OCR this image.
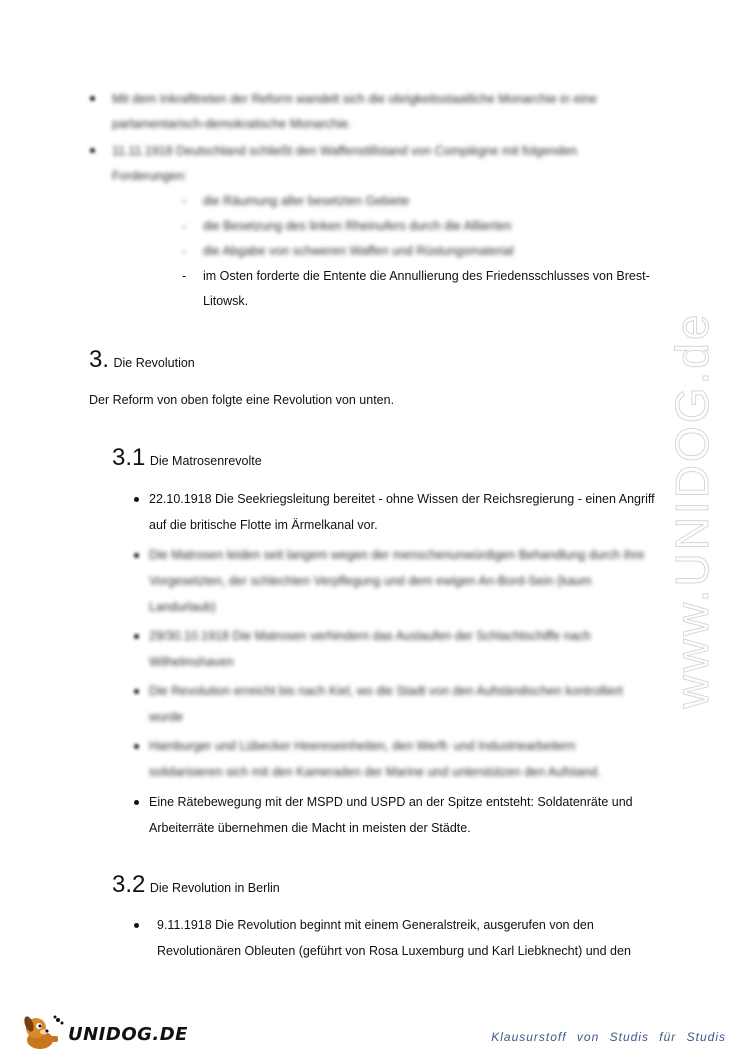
www.UNIDOG.de
Mit dem Inkrafttreten der Reform wandelt sich die obrigkeitsstaatliche Monarchie in eine
parlamentarisch-demokratische Monarchie.
11.11.1918 Deutschland schließt den Waffenstillstand von Compiègne mit folgenden
Forderungen:
- die Räumung aller besetzten Gebiete
- die Besetzung des linken Rheinufers durch die Alliierten
- die Abgabe von schweren Waffen und Rüstungsmaterial
- im Osten forderte die Entente die Annullierung des Friedensschlusses von Brest-
Litowsk.
3. Die Revolution
Der Reform von oben folgte eine Revolution von unten.
3.1 Die Matrosenrevolte
22.10.1918 Die Seekriegsleitung bereitet - ohne Wissen der Reichsregierung - einen Angriff
auf die britische Flotte im Ärmelkanal vor.
Die Matrosen leiden seit langem wegen der menschenunwürdigen Behandlung durch ihre
Vorgesetzten, der schlechten Verpflegung und dem ewigen An-Bord-Sein (kaum
Landurlaub)
29/30.10.1918 Die Matrosen verhindern das Auslaufen der Schlachtschiffe nach
Wilhelmshaven
Die Revolution erreicht bis nach Kiel, wo die Stadt von den Aufständischen kontrolliert
wurde
Hamburger und Lübecker Heereseinheiten, den Werft- und Industriearbeitern
solidarisieren sich mit den Kameraden der Marine und unterstützen den Aufstand.
Eine Rätebewegung mit der MSPD und USPD an der Spitze entsteht: Soldatenräte und
Arbeiterräte übernehmen die Macht in meisten der Städte.
3.2 Die Revolution in Berlin
9.11.1918 Die Revolution beginnt mit einem Generalstreik, ausgerufen von den
Revolutionären Obleuten (geführt von Rosa Luxemburg und Karl Liebknecht) und den
UNIDOG.DE	Klausurstoff von Studis für Studis
